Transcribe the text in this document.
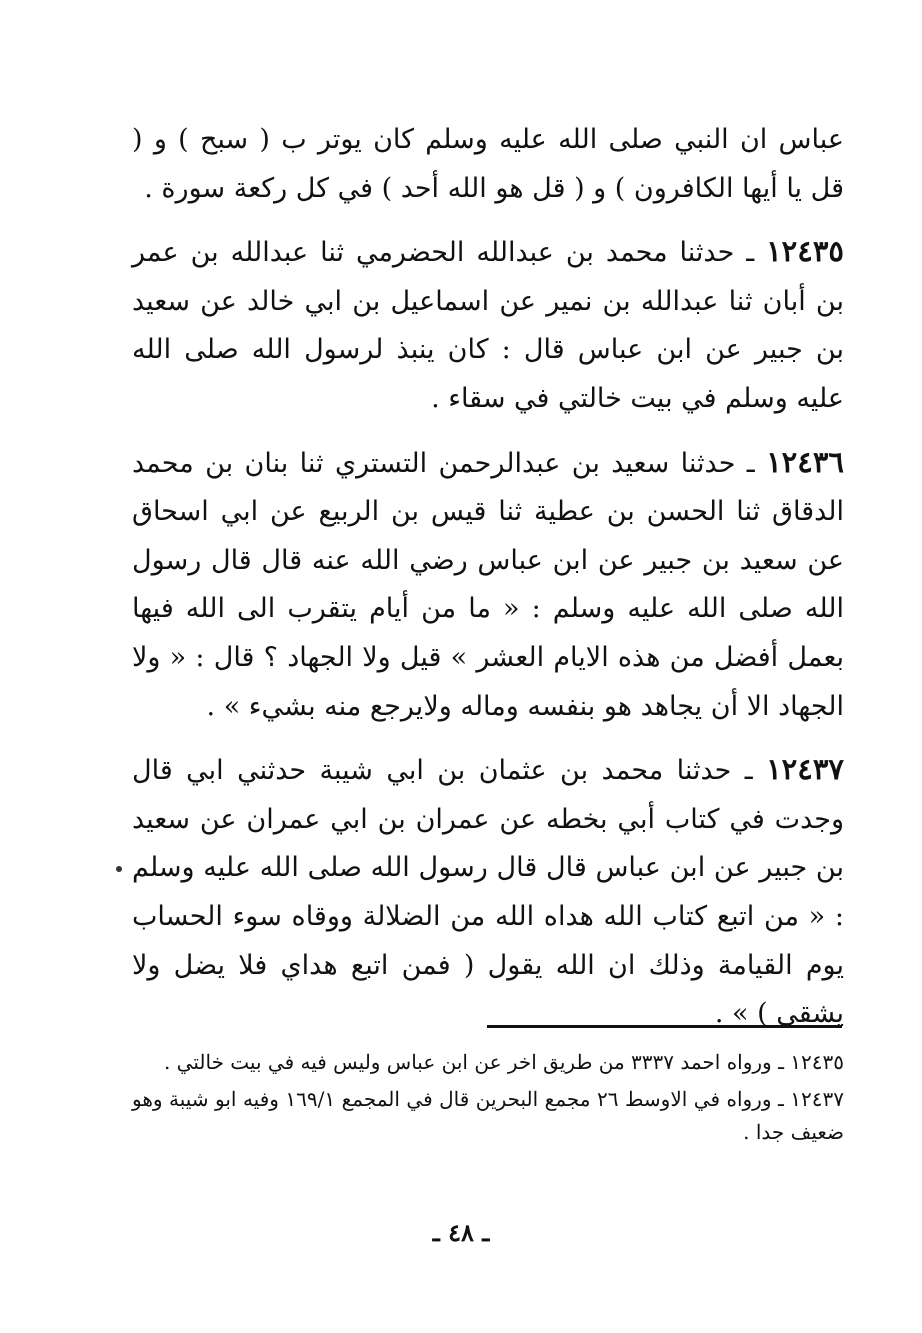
عباس ان النبي صلى الله عليه وسلم كان يوتر ب ( سبح ) و ( قل يا أيها الكافرون ) و ( قل هو الله أحد ) في كل ركعة سورة .

١٢٤٣٥ ـ حدثنا محمد بن عبدالله الحضرمي ثنا عبدالله بن عمر بن أبان ثنا عبدالله بن نمير عن اسماعيل بن ابي خالد عن سعيد بن جبير عن ابن عباس قال : كان ينبذ لرسول الله صلى الله عليه وسلم في بيت خالتي في سقاء .

١٢٤٣٦ ـ حدثنا سعيد بن عبدالرحمن التستري ثنا بنان بن محمد الدقاق ثنا الحسن بن عطية ثنا قيس بن الربيع عن ابي اسحاق عن سعيد بن جبير عن ابن عباس رضي الله عنه قال قال رسول الله صلى الله عليه وسلم : « ما من أيام يتقرب الى الله فيها بعمل أفضل من هذه الايام العشر » قيل ولا الجهاد ؟ قال : « ولا الجهاد الا أن يجاهد هو بنفسه وماله ولايرجع منه بشيء » .

١٢٤٣٧ ـ حدثنا محمد بن عثمان بن ابي شيبة حدثني ابي قال وجدت في كتاب أبي بخطه عن عمران بن ابي عمران عن سعيد بن جبير عن ابن عباس قال قال رسول الله صلى الله عليه وسلم : « من اتبع كتاب الله هداه الله من الضلالة ووقاه سوء الحساب يوم القيامة وذلك ان الله يقول ( فمن اتبع هداي فلا يضل ولا يشقى ) » .

١٢٤٣٥ ـ ورواه احمد ٣٣٣٧ من طريق اخر عن ابن عباس وليس فيه في بيت خالتي .

١٢٤٣٧ ـ ورواه في الاوسط ٢٦ مجمع البحرين قال في المجمع ١٦٩/١ وفيه ابو شيبة وهو ضعيف جدا .

ـ ٤٨ ـ
